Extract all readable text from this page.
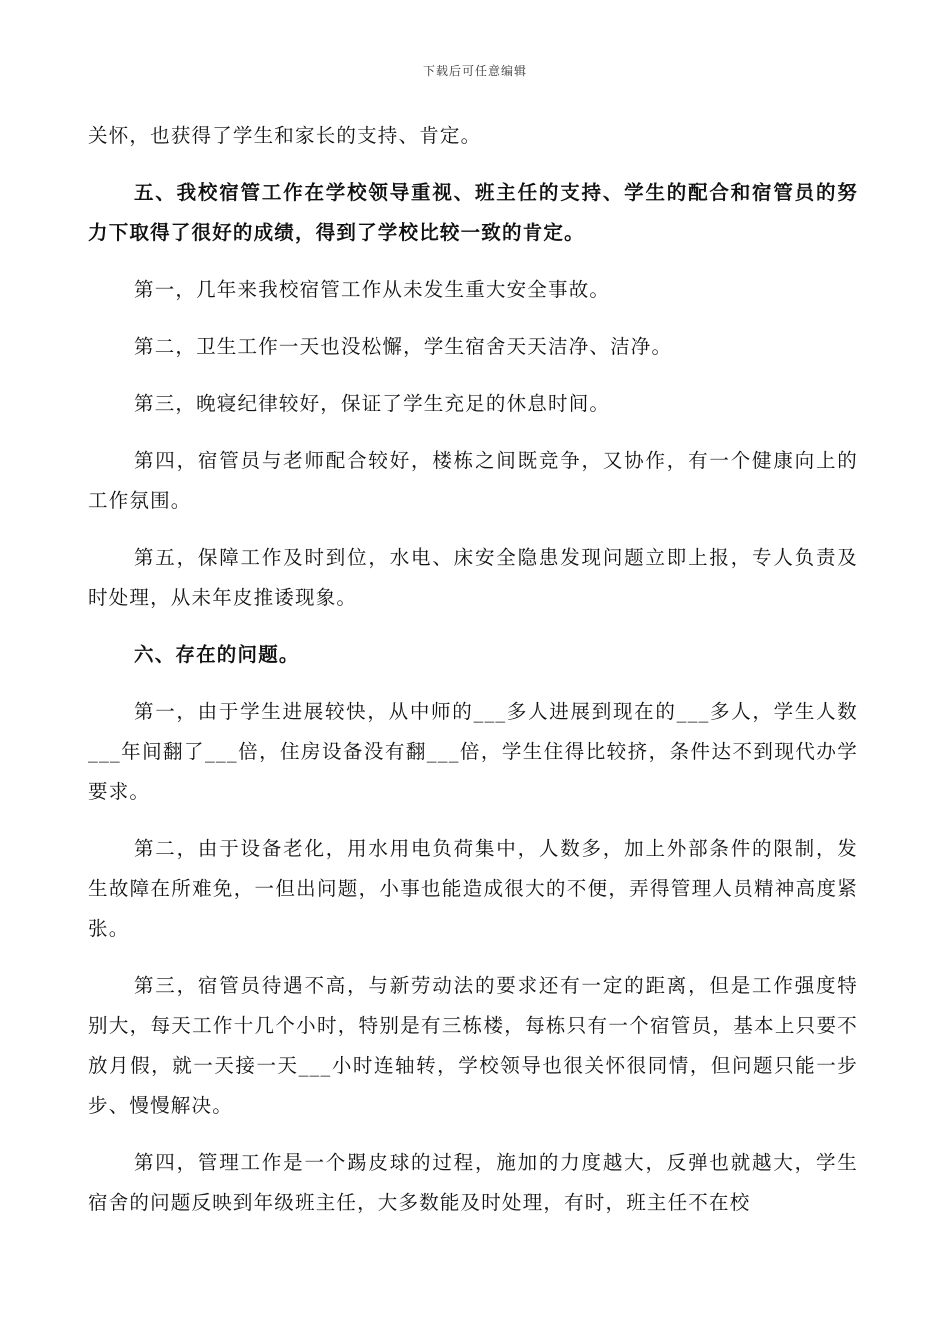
下载后可任意编辑

关怀，也获得了学生和家长的支持、肯定。

五、我校宿管工作在学校领导重视、班主任的支持、学生的配合和宿管员的努力下取得了很好的成绩，得到了学校比较一致的肯定。

第一，几年来我校宿管工作从未发生重大安全事故。

第二，卫生工作一天也没松懈，学生宿舍天天洁净、洁净。

第三，晚寝纪律较好，保证了学生充足的休息时间。

第四，宿管员与老师配合较好，楼栋之间既竞争，又协作，有一个健康向上的工作氛围。

第五，保障工作及时到位，水电、床安全隐患发现问题立即上报，专人负责及时处理，从未年皮推诿现象。

六、存在的问题。

第一，由于学生进展较快，从中师的___多人进展到现在的___多人，学生人数___年间翻了___倍，住房设备没有翻___倍，学生住得比较挤，条件达不到现代办学要求。

第二，由于设备老化，用水用电负荷集中，人数多，加上外部条件的限制，发生故障在所难免，一但出问题，小事也能造成很大的不便，弄得管理人员精神高度紧张。

第三，宿管员待遇不高，与新劳动法的要求还有一定的距离，但是工作强度特别大，每天工作十几个小时，特别是有三栋楼，每栋只有一个宿管员，基本上只要不放月假，就一天接一天___小时连轴转，学校领导也很关怀很同情，但问题只能一步步、慢慢解决。

第四，管理工作是一个踢皮球的过程，施加的力度越大，反弹也就越大，学生宿舍的问题反映到年级班主任，大多数能及时处理，有时，班主任不在校
